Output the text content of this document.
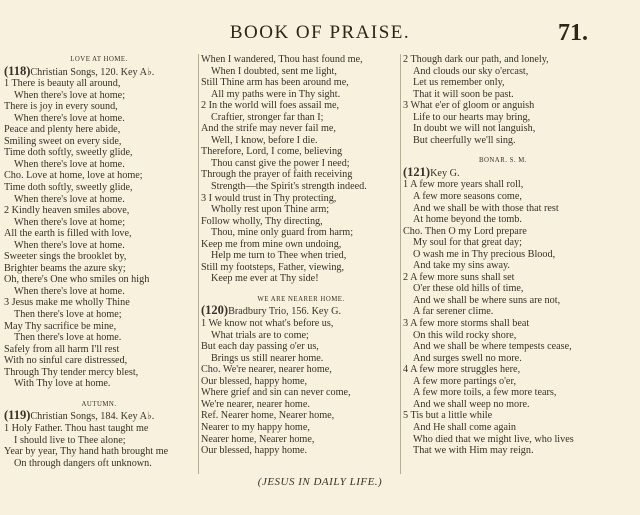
BOOK OF PRAISE.	71.
LOVE AT HOME.
(118)Christian Songs, 120. Key A♭.
1 There is beauty all around,
When there's love at home;
There is joy in every sound,
When there's love at home.
Peace and plenty here abide,
Smiling sweet on every side,
Time doth softly, sweetly glide,
When there's love at home.
Cho. Love at home, love at home;
Time doth softly, sweetly glide,
When there's love at home.
2 Kindly heaven smiles above,
When there's love at home;
All the earth is filled with love,
When there's love at home.
Sweeter sings the brooklet by,
Brighter beams the azure sky;
Oh, there's One who smiles on high
When there's love at home.
3 Jesus make me wholly Thine
Then there's love at home;
May Thy sacrifice be mine,
Then there's love at home.
Safely from all harm I'll rest
With no sinful care distressed,
Through Thy tender mercy blest,
With Thy love at home.
AUTUMN.
(119)Christian Songs, 184. Key A♭.
1 Holy Father. Thou hast taught me
I should live to Thee alone;
Year by year, Thy hand hath brought me
On through dangers oft unknown.
When I wandered, Thou hast found me,
When I doubted, sent me light,
Still Thine arm has been around me,
All my paths were in Thy sight.
2 In the world will foes assail me,
Craftier, stronger far than I;
And the strife may never fail me,
Well, I know, before I die.
Therefore, Lord, I come, believing
Thou canst give the power I need;
Through the prayer of faith receiving
Strength—the Spirit's strength indeed.
3 I would trust in Thy protecting,
Wholly rest upon Thine arm;
Follow wholly, Thy directing,
Thou, mine only guard from harm;
Keep me from mine own undoing,
Help me turn to Thee when tried,
Still my footsteps, Father, viewing,
Keep me ever at Thy side!
WE ARE NEARER HOME.
(120)Bradbury Trio, 156. Key G.
1 We know not what's before us,
What trials are to come;
But each day passing o'er us,
Brings us still nearer home.
Cho. We're nearer, nearer home,
Our blessed, happy home,
Where grief and sin can never come,
We're nearer, nearer home.
Ref. Nearer home, Nearer home,
Nearer to my happy home,
Nearer home, Nearer home,
Our blessed, happy home.
2 Though dark our path, and lonely,
And clouds our sky o'ercast,
Let us remember only,
That it will soon be past.
3 What e'er of gloom or anguish
Life to our hearts may bring,
In doubt we will not languish,
But cheerfully we'll sing.
BONAR. S. M.
(121)Key G.
1 A few more years shall roll,
A few more seasons come,
And we shall be with those that rest
At home beyond the tomb.
Cho. Then O my Lord prepare
My soul for that great day;
O wash me in Thy precious Blood,
And take my sins away.
2 A few more suns shall set
O'er these old hills of time,
And we shall be where suns are not,
A far serener clime.
3 A few more storms shall beat
On this wild rocky shore,
And we shall be where tempests cease,
And surges swell no more.
4 A few more struggles here,
A few more partings o'er,
A few more toils, a few more tears,
And we shall weep no more.
5 Tis but a little while
And He shall come again
Who died that we might live, who lives
That we with Him may reign.
(JESUS IN DAILY LIFE.)
